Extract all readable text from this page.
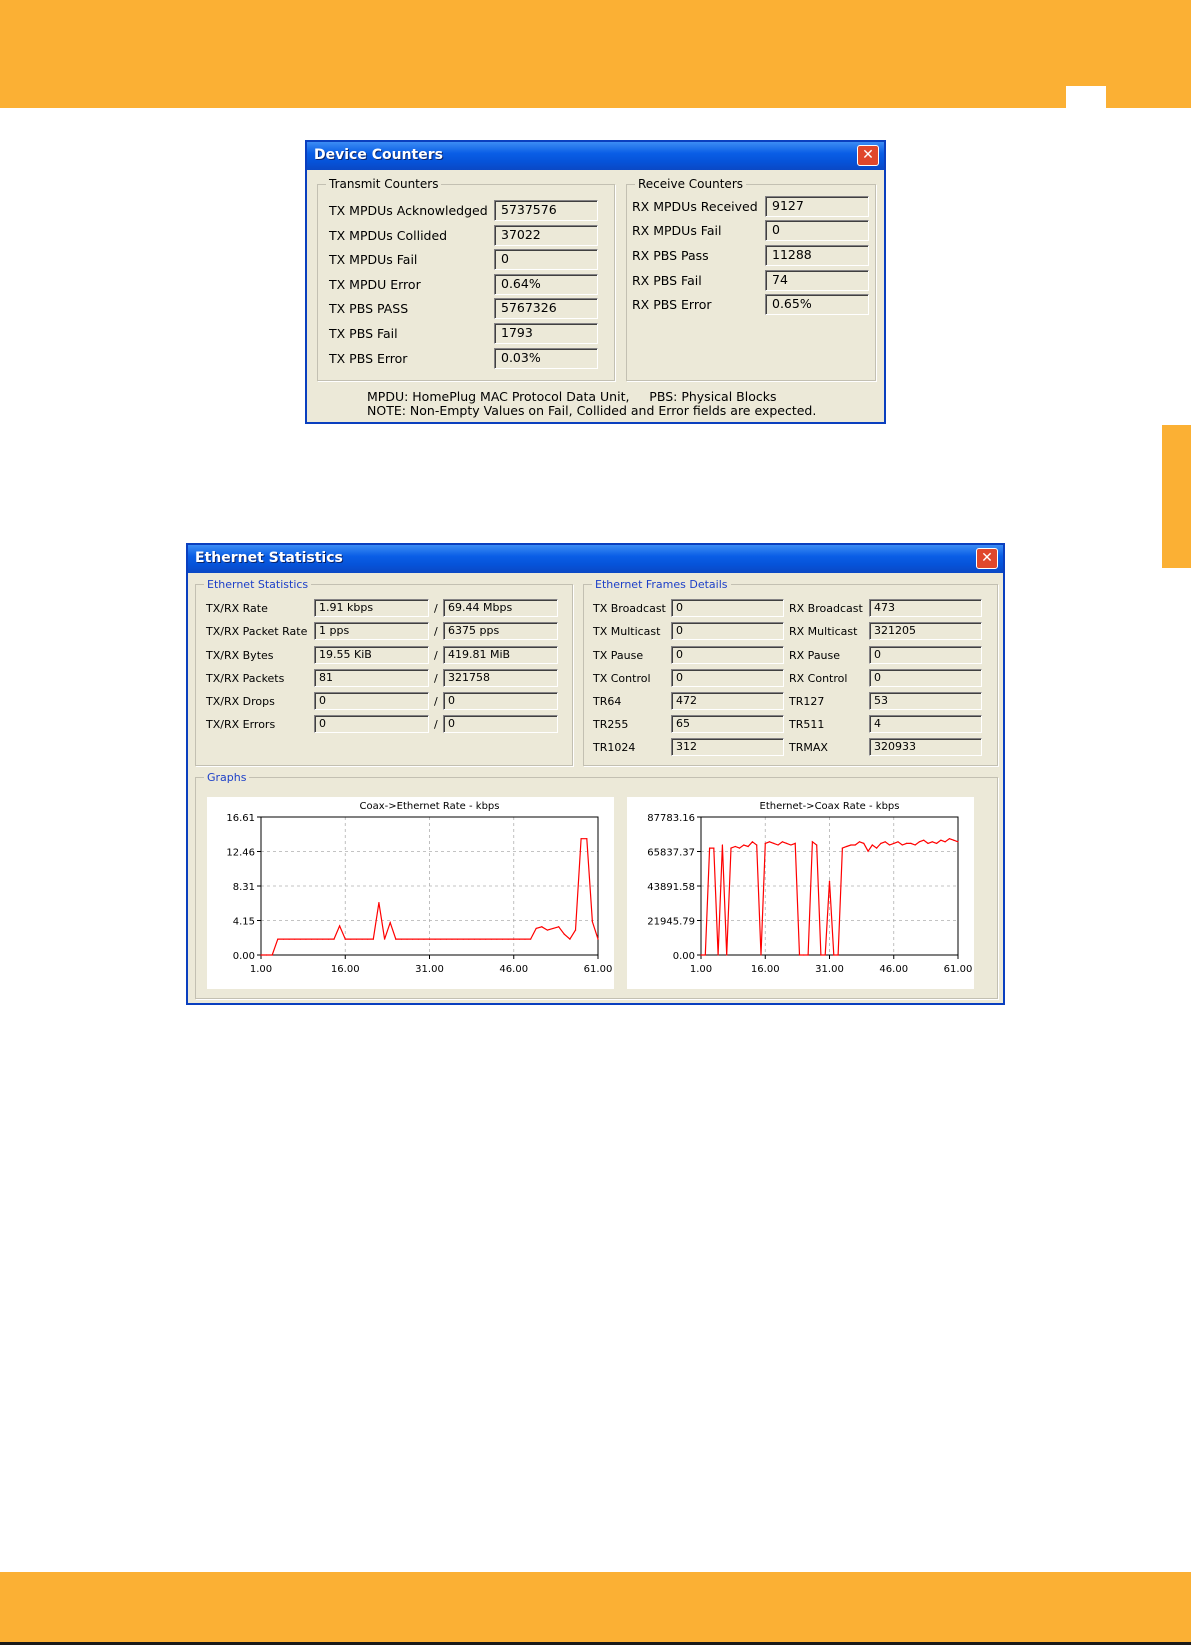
Device Counters	✕
Transmit Counters
TX MPDUs Acknowledged	5737576
TX MPDUs Collided	37022
TX MPDUs Fail	0
TX MPDU Error	0.64%
TX PBS PASS	5767326
TX PBS Fail	1793
TX PBS Error	0.03%
Receive Counters
RX MPDUs Received	9127
RX MPDUs Fail	0
RX PBS Pass	11288
RX PBS Fail	74
RX PBS Error	0.65%
MPDU: HomePlug MAC Protocol Data Unit,     PBS: Physical Blocks
NOTE: Non-Empty Values on Fail, Collided and Error fields are expected.
Ethernet Statistics	✕
Ethernet Statistics
TX/RX Rate	1.91 kbps	/ 69.44 Mbps
TX/RX Packet Rate	1 pps	/ 6375 pps
TX/RX Bytes	19.55 KiB	/ 419.81 MiB
TX/RX Packets	81	/ 321758
TX/RX Drops	0	/ 0
TX/RX Errors	0	/ 0
Ethernet Frames Details
TX Broadcast 0	RX Broadcast	473
TX Multicast	0	RX Multicast	321205
TX Pause	0	RX Pause	0
TX Control	0	RX Control	0
TR64	472	TR127	53
TR255	65	TR511	4
TR1024	312	TRMAX	320933
Graphs
Coax->Ethernet Rate - kbps
1.00	16.00	31.00	46.00	61.00
0.00
4.15
8.31
12.46
16.61
Ethernet->Coax Rate - kbps
1.00	16.00	31.00	46.00	61.00
0.00
21945.79
43891.58
65837.37
87783.16
